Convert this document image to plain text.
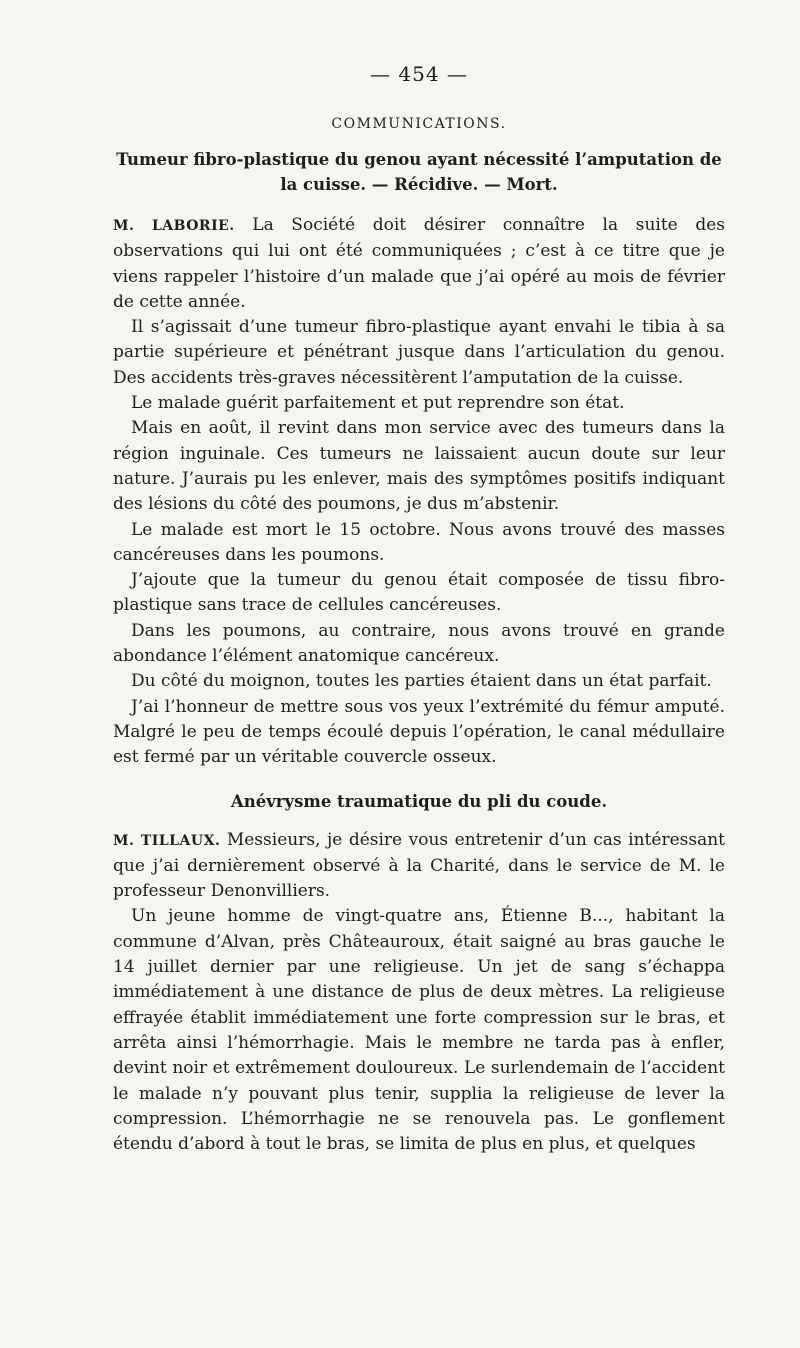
— 454 —
COMMUNICATIONS.
Tumeur fibro-plastique du genou ayant nécessité l’amputation de la cuisse. — Récidive. — Mort.

M. LABORIE. La Société doit désirer connaître la suite des observations qui lui ont été communiquées ; c’est à ce titre que je viens rappeler l’histoire d’un malade que j’ai opéré au mois de février de cette année.

Il s’agissait d’une tumeur fibro-plastique ayant envahi le tibia à sa partie supérieure et pénétrant jusque dans l’articulation du genou. Des accidents très-graves nécessitèrent l’amputation de la cuisse.

Le malade guérit parfaitement et put reprendre son état.

Mais en août, il revint dans mon service avec des tumeurs dans la région inguinale. Ces tumeurs ne laissaient aucun doute sur leur nature. J’aurais pu les enlever, mais des symptômes positifs indiquant des lésions du côté des poumons, je dus m’abstenir.

Le malade est mort le 15 octobre. Nous avons trouvé des masses cancéreuses dans les poumons.

J’ajoute que la tumeur du genou était composée de tissu fibro-plastique sans trace de cellules cancéreuses.

Dans les poumons, au contraire, nous avons trouvé en grande abondance l’élément anatomique cancéreux.

Du côté du moignon, toutes les parties étaient dans un état parfait.

J’ai l’honneur de mettre sous vos yeux l’extrémité du fémur amputé. Malgré le peu de temps écoulé depuis l’opération, le canal médullaire est fermé par un véritable couvercle osseux.

Anévrysme traumatique du pli du coude.

M. TILLAUX. Messieurs, je désire vous entretenir d’un cas intéressant que j’ai dernièrement observé à la Charité, dans le service de M. le professeur Denonvilliers.

Un jeune homme de vingt-quatre ans, Étienne B..., habitant la commune d’Alvan, près Châteauroux, était saigné au bras gauche le 14 juillet dernier par une religieuse. Un jet de sang s’échappa immédiatement à une distance de plus de deux mètres. La religieuse effrayée établit immédiatement une forte compression sur le bras, et arrêta ainsi l’hémorrhagie. Mais le membre ne tarda pas à enfler, devint noir et extrêmement douloureux. Le surlendemain de l’accident le malade n’y pouvant plus tenir, supplia la religieuse de lever la compression. L’hémorrhagie ne se renouvela pas. Le gonflement étendu d’abord à tout le bras, se limita de plus en plus, et quelques
